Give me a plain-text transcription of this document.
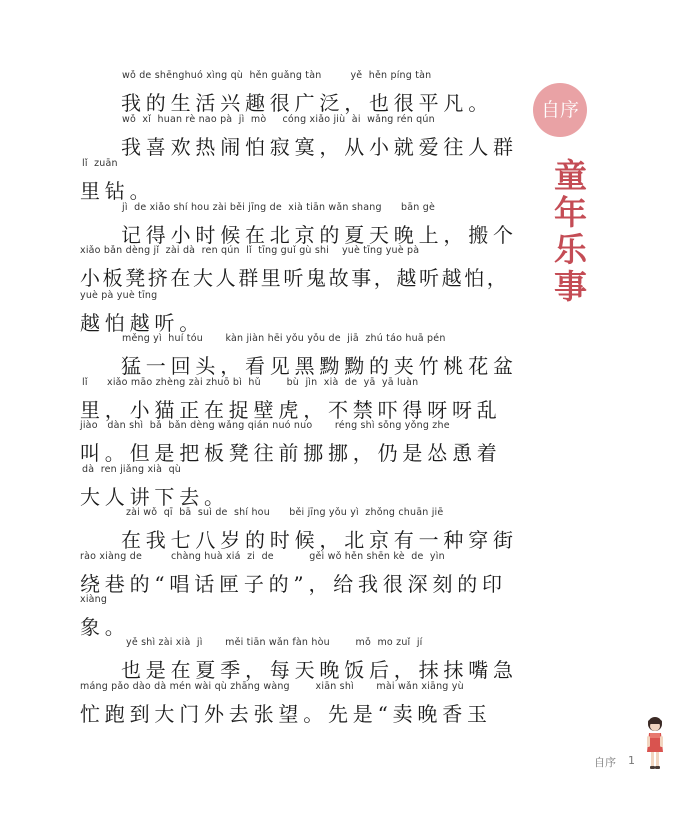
wǒ de shēnghuó xìng qù  hěn guǎng tàn         yě  hěn píng tàn
我的生活兴趣很广泛，也很平凡。
wǒ  xǐ  huan rè nao pà  jì  mò     cóng xiǎo jiù  ài  wǎng rén qún
我喜欢热闹怕寂寞，从小就爱往人群
lǐ  zuān
里钻。
jì  de xiǎo shí hou zài běi jīng de  xià tiān wǎn shang      bān gè
记得小时候在北京的夏天晚上，搬个
xiǎo bǎn dèng jǐ  zài dà  ren qún  lǐ  tīng guǐ gù shi    yuè tīng yuè pà
小板凳挤在大人群里听鬼故事，越听越怕，
yuè pà yuè tīng
越怕越听。
měng yì  huí tóu       kàn jiàn hēi yǒu yǒu de  jiā  zhú táo huā pén
猛一回头，看见黑黝黝的夹竹桃花盆
lǐ      xiǎo māo zhèng zài zhuō bì  hǔ        bù  jìn  xià  de  yā  yā luàn
里，小猫正在捉壁虎，不禁吓得呀呀乱
jiào   dàn shì  bǎ  bǎn dèng wǎng qián nuó nuo       réng shì sǒng yǒng zhe
叫。但是把板凳往前挪挪，仍是怂恿着
dà  ren jiǎng xià  qù
大人讲下去。
zài wǒ  qī  bā  suì de  shí hou      běi jīng yǒu yì  zhǒng chuān jiē
在我七八岁的时候，北京有一种穿街
rào xiàng de         chàng huà xiá  zi  de           gěi wǒ hěn shēn kè  de  yìn
绕巷的“唱话匣子的”，给我很深刻的印
xiàng
象。
yě shì zài xià  jì       měi tiān wǎn fàn hòu        mǒ  mo zuǐ  jí
也是在夏季，每天晚饭后，抹抹嘴急
máng pǎo dào dà mén wài qù zhāng wàng        xiān shì       mài wǎn xiāng yù
忙跑到大门外去张望。先是“卖晚香玉
自序
童年乐事
自序 1
